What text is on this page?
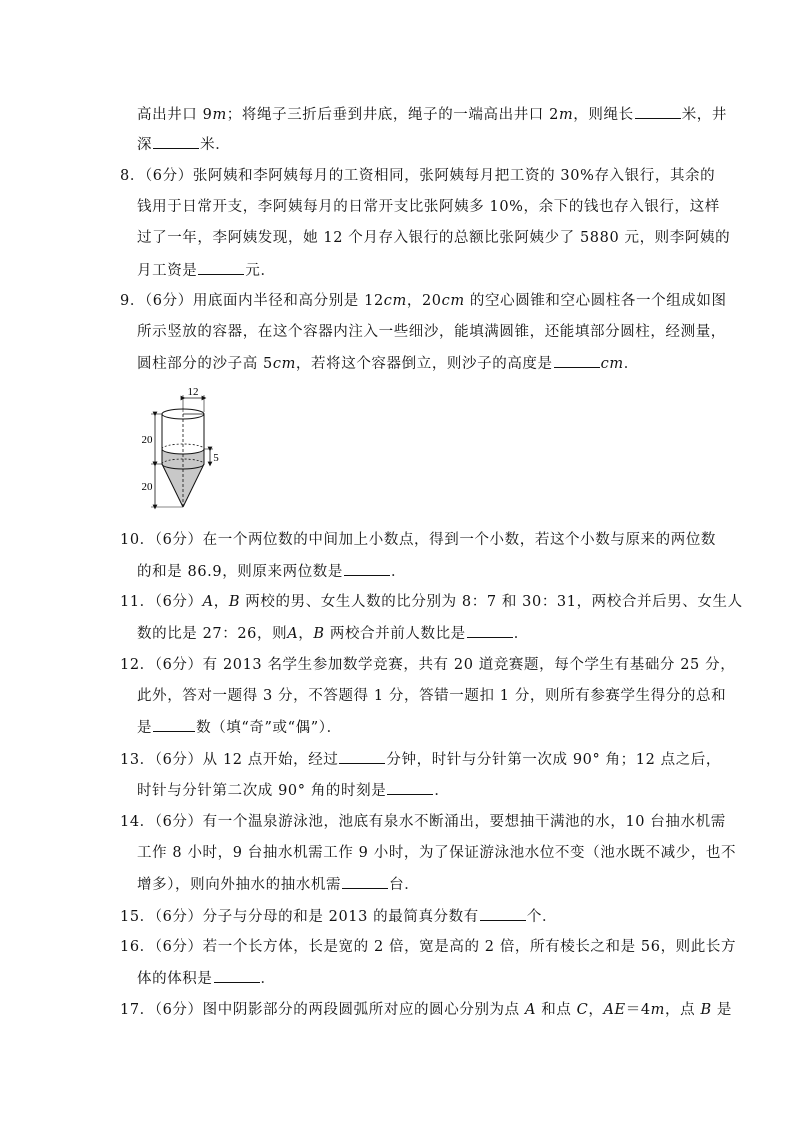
高出井口 9m；将绳子三折后垂到井底，绳子的一端高出井口 2m，则绳长	米，井
深	米．
8．（6分）张阿姨和李阿姨每月的工资相同，张阿姨每月把工资的 30%存入银行，其余的
钱用于日常开支，李阿姨每月的日常开支比张阿姨多 10%，余下的钱也存入银行，这样
过了一年，李阿姨发现，她 12 个月存入银行的总额比张阿姨少了 5880 元，则李阿姨的
月工资是	元．
9．（6分）用底面内半径和高分别是 12cm，20cm 的空心圆锥和空心圆柱各一个组成如图
所示竖放的容器，在这个容器内注入一些细沙，能填满圆锥，还能填部分圆柱，经测量，
圆柱部分的沙子高 5cm，若将这个容器倒立，则沙子的高度是	cm．
12
20
20
5
10．（6分）在一个两位数的中间加上小数点，得到一个小数，若这个小数与原来的两位数
的和是 86.9，则原来两位数是	．
11．（6分）A，B 两校的男、女生人数的比分别为 8：7 和 30：31，两校合并后男、女生人
数的比是 27：26，则A，B 两校合并前人数比是	．
12．（6分）有 2013 名学生参加数学竞赛，共有 20 道竞赛题，每个学生有基础分 25 分，
此外，答对一题得 3 分，不答题得 1 分，答错一题扣 1 分，则所有参赛学生得分的总和
是	数（填“奇”或“偶”）．
13．（6分）从 12 点开始，经过	分钟，时针与分针第一次成 90° 角；12 点之后，
时针与分针第二次成 90° 角的时刻是	．
14．（6分）有一个温泉游泳池，池底有泉水不断涌出，要想抽干满池的水，10 台抽水机需
工作 8 小时，9 台抽水机需工作 9 小时，为了保证游泳池水位不变（池水既不减少，也不
增多），则向外抽水的抽水机需	台．
15．（6分）分子与分母的和是 2013 的最简真分数有	个．
16．（6分）若一个长方体，长是宽的 2 倍，宽是高的 2 倍，所有棱长之和是 56，则此长方
体的体积是	．
17．（6分）图中阴影部分的两段圆弧所对应的圆心分别为点 A 和点 C，AE＝4m，点 B 是
